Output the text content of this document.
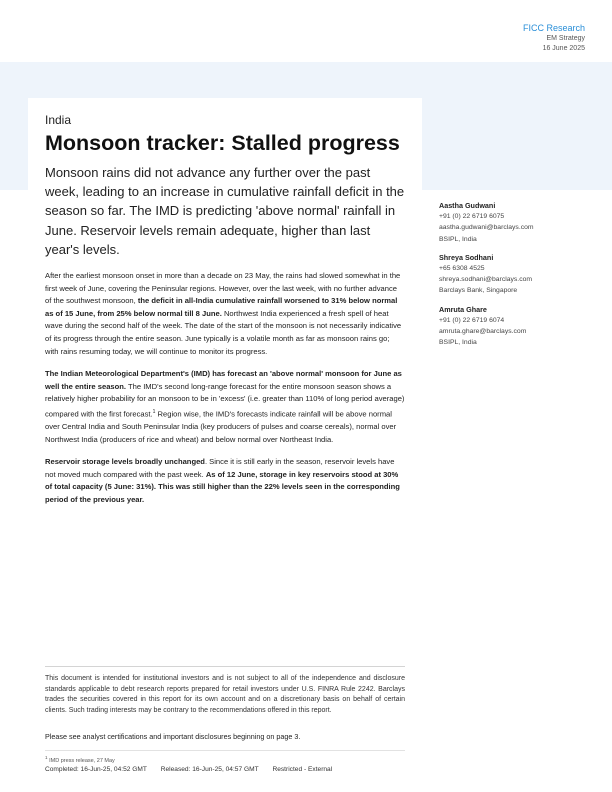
FICC Research
EM Strategy
16 June 2025
India
Monsoon tracker: Stalled progress
Monsoon rains did not advance any further over the past week, leading to an increase in cumulative rainfall deficit in the season so far. The IMD is predicting 'above normal' rainfall in June. Reservoir levels remain adequate, higher than last year's levels.

After the earliest monsoon onset in more than a decade on 23 May, the rains had slowed somewhat in the first week of June, covering the Peninsular regions. However, over the last week, with no further advance of the southwest monsoon, the deficit in all-India cumulative rainfall worsened to 31% below normal as of 15 June, from 25% below normal till 8 June. Northwest India experienced a fresh spell of heat wave during the second half of the week. The date of the start of the monsoon is not necessarily indicative of its progress through the entire season. June typically is a volatile month as far as monsoon rains go; with rains resuming today, we will continue to monitor its progress.

The Indian Meteorological Department's (IMD) has forecast an 'above normal' monsoon for June as well the entire season. The IMD's second long-range forecast for the entire monsoon season shows a relatively higher probability for an monsoon to be in 'excess' (i.e. greater than 110% of long period average) compared with the first forecast.$^1$ Region wise, the IMD's forecasts indicate rainfall will be above normal over Central India and South Peninsular India (key producers of pulses and coarse cereals), normal over Northwest India (producers of rice and wheat) and below normal over Northeast India.

Reservoir storage levels broadly unchanged. Since it is still early in the season, reservoir levels have not moved much compared with the past week. As of 12 June, storage in key reservoirs stood at 30% of total capacity (5 June: 31%). This was still higher than the 22% levels seen in the corresponding period of the previous year.

Aastha Gudwani
+91 (0) 22 6719 6075
aastha.gudwani@barclays.com
BSIPL, India
Shreya Sodhani
+65 6308 4525
shreya.sodhani@barclays.com
Barclays Bank, Singapore
Amruta Ghare
+91 (0) 22 6719 6074
amruta.ghare@barclays.com
BSIPL, India
This document is intended for institutional investors and is not subject to all of the independence and disclosure standards applicable to debt research reports prepared for retail investors under U.S. FINRA Rule 2242. Barclays trades the securities covered in this report for its own account and on a discretionary basis on behalf of certain clients. Such trading interests may be contrary to the recommendations offered in this report.
Please see analyst certifications and important disclosures beginning on page 3.
$^1$ IMD press release, 27 May
Completed: 16-Jun-25, 04:52 GMT Released: 16-Jun-25, 04:57 GMT Restricted - External
